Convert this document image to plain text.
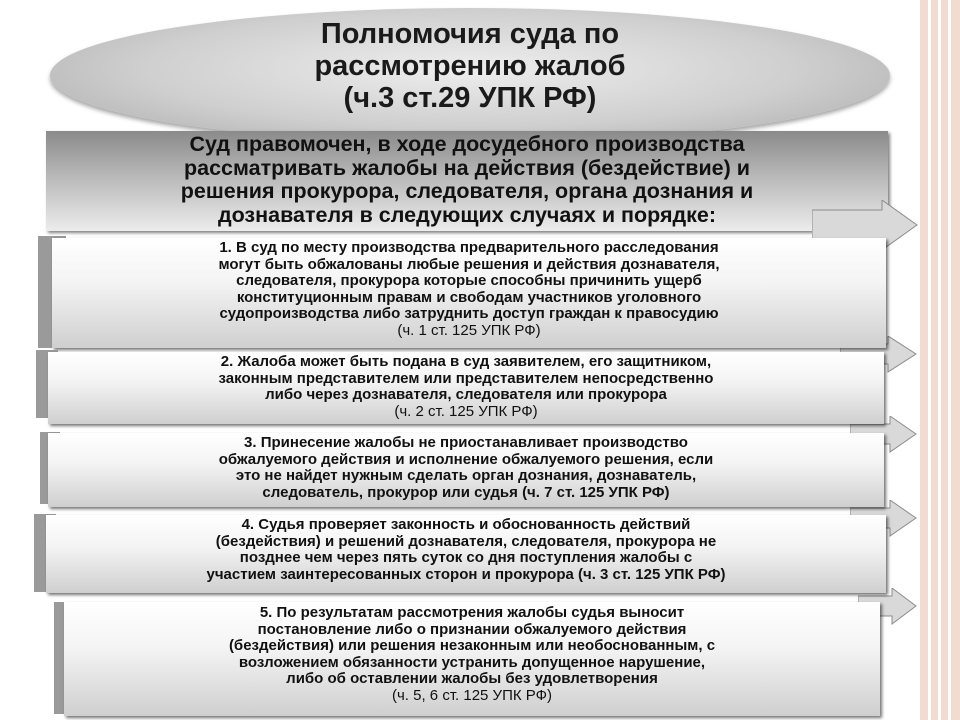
Полномочия суда по
рассмотрению жалоб
(ч.3 ст.29 УПК РФ)
Суд правомочен, в ходе досудебного производства
рассматривать жалобы на действия (бездействие) и
решения прокурора, следователя, органа дознания и
дознавателя в следующих случаях и порядке:
1. В суд по месту производства предварительного расследования
могут быть обжалованы любые решения и действия дознавателя,
следователя, прокурора которые способны причинить ущерб
конституционным правам и свободам участников уголовного
судопроизводства либо затруднить доступ граждан к правосудию
(ч. 1 ст. 125 УПК РФ)
2. Жалоба может быть подана в суд заявителем, его защитником,
законным представителем или представителем непосредственно
либо через дознавателя, следователя или прокурора
(ч. 2 ст. 125 УПК РФ)
3. Принесение жалобы не приостанавливает производство
обжалуемого действия и исполнение обжалуемого решения, если
это не найдет нужным сделать орган дознания, дознаватель,
следователь, прокурор или судья (ч. 7 ст. 125 УПК РФ)
4. Судья проверяет законность и обоснованность действий
(бездействия) и решений дознавателя, следователя, прокурора не
позднее чем через пять суток со дня поступления жалобы с
участием заинтересованных сторон и прокурора (ч. 3 ст. 125 УПК РФ)
5. По результатам рассмотрения жалобы судья выносит
постановление либо о признании обжалуемого действия
(бездействия) или решения незаконным или необоснованным, с
возложением обязанности устранить допущенное нарушение,
либо об оставлении жалобы без удовлетворения
(ч. 5, 6 ст. 125 УПК РФ)
